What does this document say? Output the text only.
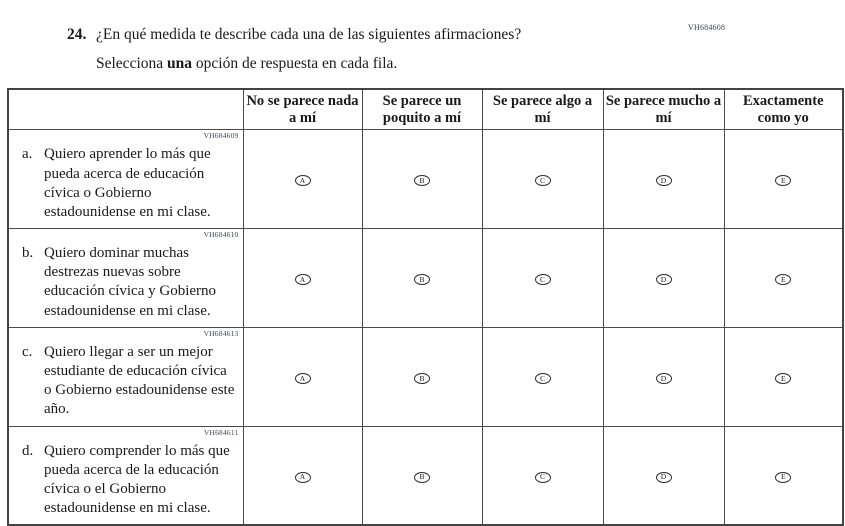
VH684608
24. ¿En qué medida te describe cada una de las siguientes afirmaciones?
Selecciona una opción de respuesta en cada fila.
	No se parece nada a mí	Se parece un poquito a mí	Se parece algo a mí	Se parece mucho a mí	Exactamente como yo

VH684609
a. Quiero aprender lo más que pueda acerca de educación cívica o Gobierno estadounidense en mi clase.	A	B	C	D	E

VH684610
b. Quiero dominar muchas destrezas nuevas sobre educación cívica y Gobierno estadounidense en mi clase.	A	B	C	D	E

VH684613
c. Quiero llegar a ser un mejor estudiante de educación cívica o Gobierno estadounidense este año.	A	B	C	D	E

VH684611
d. Quiero comprender lo más que pueda acerca de la educación cívica o el Gobierno estadounidense en mi clase.	A	B	C	D	E
